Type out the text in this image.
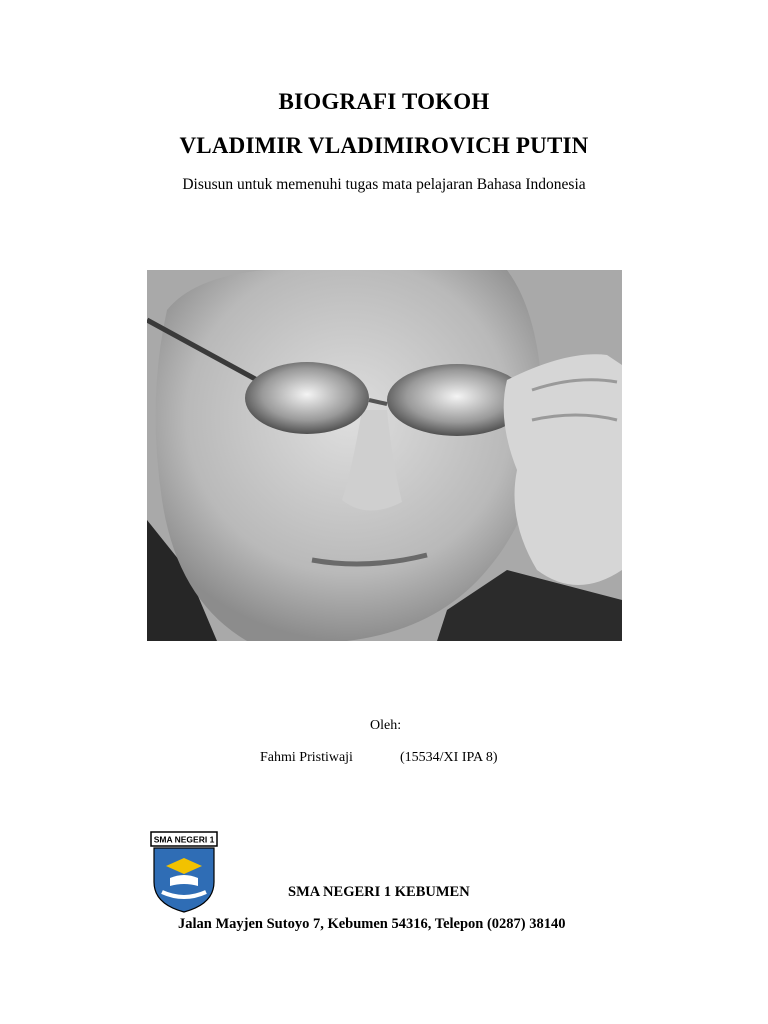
BIOGRAFI TOKOH
VLADIMIR VLADIMIROVICH PUTIN
Disusun untuk memenuhi tugas mata pelajaran Bahasa Indonesia
Oleh:
Fahmi Pristiwaji	(15534/XI IPA 8)
SMA NEGERI 1
SMA NEGERI 1 KEBUMEN
Jalan Mayjen Sutoyo 7, Kebumen 54316, Telepon (0287) 38140
